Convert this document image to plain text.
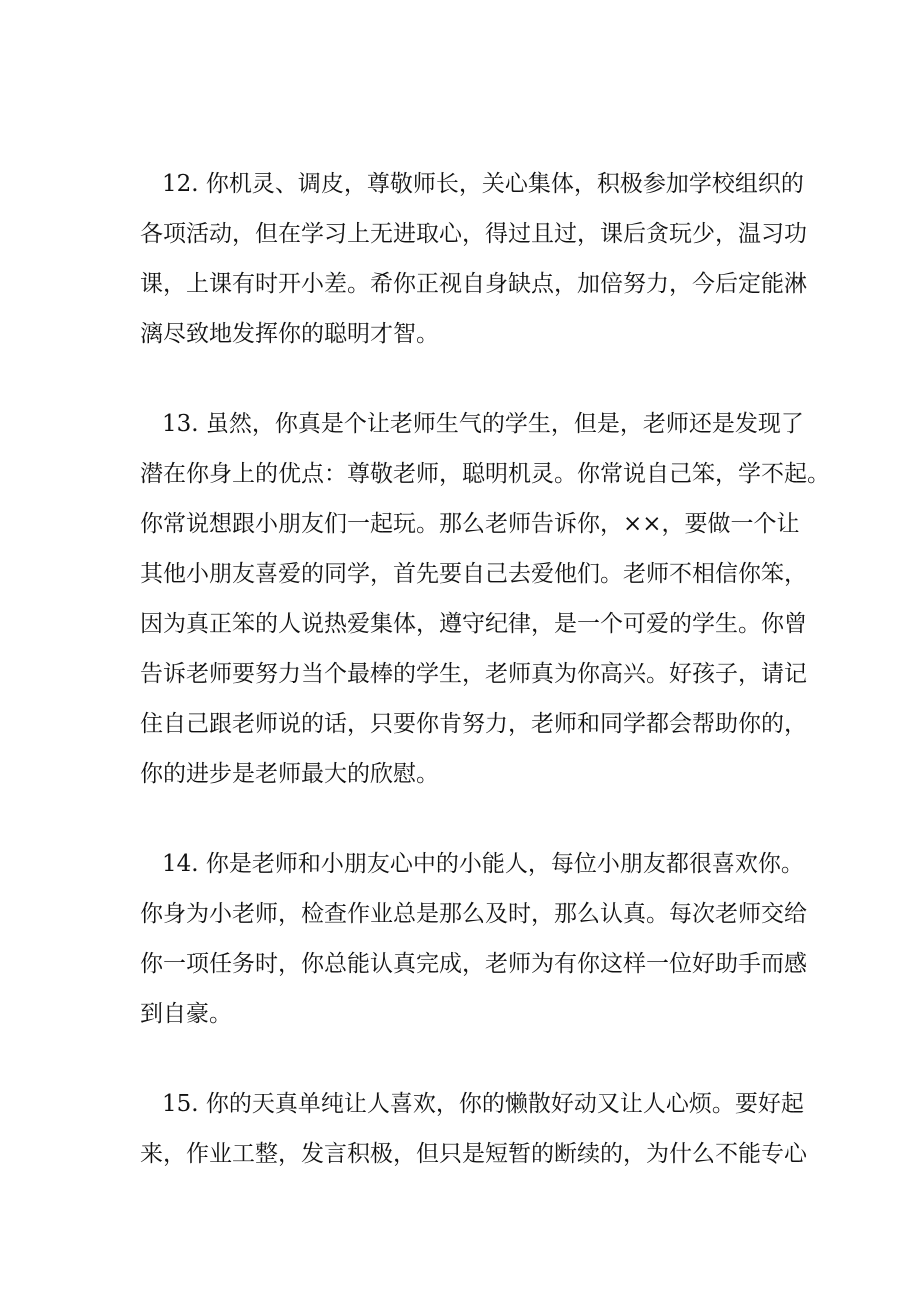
12. 你机灵、调皮，尊敬师长，关心集体，积极参加学校组织的
各项活动，但在学习上无进取心，得过且过，课后贪玩少，温习功
课，上课有时开小差。希你正视自身缺点，加倍努力，今后定能淋
漓尽致地发挥你的聪明才智。
13. 虽然，你真是个让老师生气的学生，但是，老师还是发现了
潜在你身上的优点：尊敬老师，聪明机灵。你常说自己笨，学不起。
你常说想跟小朋友们一起玩。那么老师告诉你，××，要做一个让
其他小朋友喜爱的同学，首先要自己去爱他们。老师不相信你笨，
因为真正笨的人说热爱集体，遵守纪律，是一个可爱的学生。你曾
告诉老师要努力当个最棒的学生，老师真为你高兴。好孩子，请记
住自己跟老师说的话，只要你肯努力，老师和同学都会帮助你的，
你的进步是老师最大的欣慰。
14. 你是老师和小朋友心中的小能人，每位小朋友都很喜欢你。
你身为小老师，检查作业总是那么及时，那么认真。每次老师交给
你一项任务时，你总能认真完成，老师为有你这样一位好助手而感
到自豪。
15. 你的天真单纯让人喜欢，你的懒散好动又让人心烦。要好起
来，作业工整，发言积极，但只是短暂的断续的，为什么不能专心
